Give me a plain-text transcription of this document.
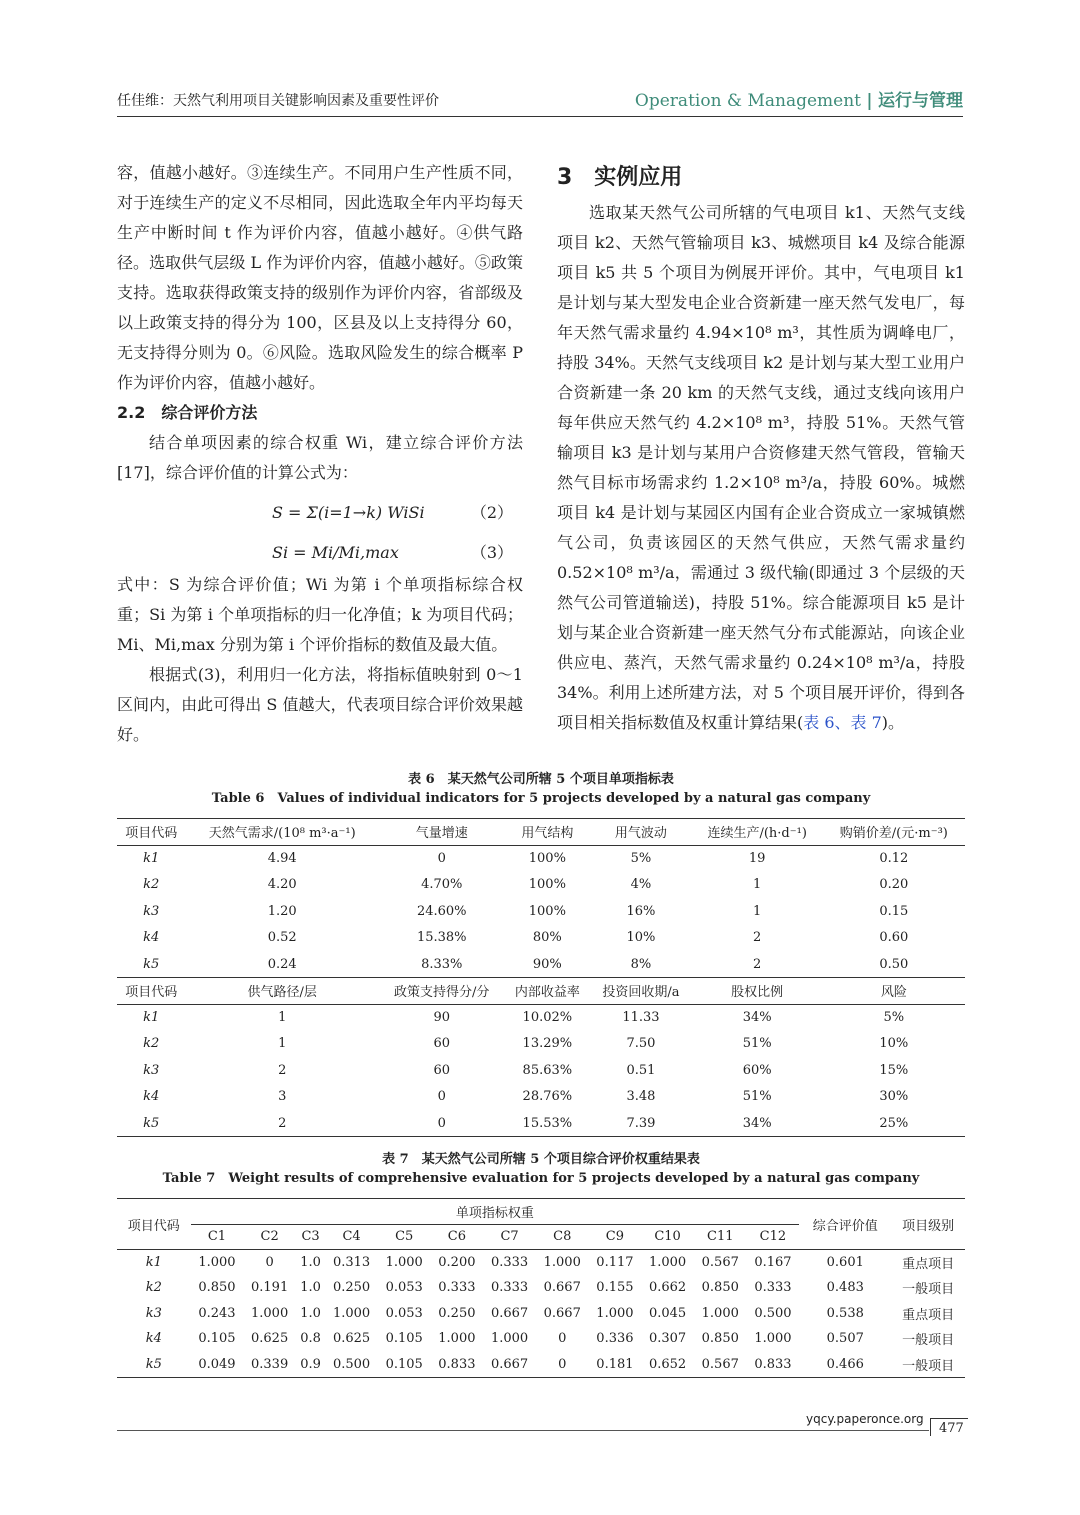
任佳维：天然气利用项目关键影响因素及重要性评价	Operation & Management | 运行与管理

容，值越小越好。③连续生产。不同用户生产性质不同，对于连续生产的定义不尽相同，因此选取全年内平均每天生产中断时间 t 作为评价内容，值越小越好。④供气路径。选取供气层级 L 作为评价内容，值越小越好。⑤政策支持。选取获得政策支持的级别作为评价内容，省部级及以上政策支持的得分为 100，区县及以上支持得分 60，无支持得分则为 0。⑥风险。选取风险发生的综合概率 P 作为评价内容，值越小越好。

2.2　综合评价方法

结合单项因素的综合权重 Wi，建立综合评价方法[17]，综合评价值的计算公式为：

S = Σ(i=1→k) WiSi	（2）
Si = Mi/Mi,max	（3）

式中：S 为综合评价值；Wi 为第 i 个单项指标综合权重；Si 为第 i 个单项指标的归一化净值；k 为项目代码；Mi、Mi,max 分别为第 i 个评价指标的数值及最大值。

根据式(3)，利用归一化方法，将指标值映射到 0～1 区间内，由此可得出 S 值越大，代表项目综合评价效果越好。

3　实例应用

选取某天然气公司所辖的气电项目 k1、天然气支线项目 k2、天然气管输项目 k3、城燃项目 k4 及综合能源项目 k5 共 5 个项目为例展开评价。其中，气电项目 k1 是计划与某大型发电企业合资新建一座天然气发电厂，每年天然气需求量约 4.94×10⁸ m³，其性质为调峰电厂，持股 34%。天然气支线项目 k2 是计划与某大型工业用户合资新建一条 20 km 的天然气支线，通过支线向该用户每年供应天然气约 4.2×10⁸ m³，持股 51%。天然气管输项目 k3 是计划与某用户合资修建天然气管段，管输天然气目标市场需求约 1.2×10⁸ m³/a，持股 60%。城燃项目 k4 是计划与某园区内国有企业合资成立一家城镇燃气公司，负责该园区的天然气供应，天然气需求量约 0.52×10⁸ m³/a，需通过 3 级代输(即通过 3 个层级的天然气公司管道输送)，持股 51%。综合能源项目 k5 是计划与某企业合资新建一座天然气分布式能源站，向该企业供应电、蒸汽，天然气需求量约 0.24×10⁸ m³/a，持股 34%。利用上述所建方法，对 5 个项目展开评价，得到各项目相关指标数值及权重计算结果(表 6、表 7)。

表 6　某天然气公司所辖 5 个项目单项指标表
Table 6　Values of individual indicators for 5 projects developed by a natural gas company
项目代码	天然气需求/(10⁸ m³·a⁻¹)	气量增速	用气结构	用气波动	连续生产/(h·d⁻¹)	购销价差/(元·m⁻³)
k1	4.94	0	100%	5%	19	0.12
k2	4.20	4.70%	100%	4%	1	0.20
k3	1.20	24.60%	100%	16%	1	0.15
k4	0.52	15.38%	80%	10%	2	0.60
k5	0.24	8.33%	90%	8%	2	0.50
项目代码	供气路径/层	政策支持得分/分	内部收益率	投资回收期/a	股权比例	风险
k1	1	90	10.02%	11.33	34%	5%
k2	1	60	13.29%	7.50	51%	10%
k3	2	60	85.63%	0.51	60%	15%
k4	3	0	28.76%	3.48	51%	30%
k5	2	0	15.53%	7.39	34%	25%
表 7　某天然气公司所辖 5 个项目综合评价权重结果表
Table 7　Weight results of comprehensive evaluation for 5 projects developed by a natural gas company
项目代码	单项指标权重												综合评价值	项目级别
	C1	C2	C3	C4	C5	C6	C7	C8	C9	C10	C11	C12		
k1	1.000	0	1.0	0.313	1.000	0.200	0.333	1.000	0.117	1.000	0.567	0.167	0.601	重点项目
k2	0.850	0.191	1.0	0.250	0.053	0.333	0.333	0.667	0.155	0.662	0.850	0.333	0.483	一般项目
k3	0.243	1.000	1.0	1.000	0.053	0.250	0.667	0.667	1.000	0.045	1.000	0.500	0.538	重点项目
k4	0.105	0.625	0.8	0.625	0.105	1.000	1.000	0	0.336	0.307	0.850	1.000	0.507	一般项目
k5	0.049	0.339	0.9	0.500	0.105	0.833	0.667	0	0.181	0.652	0.567	0.833	0.466	一般项目
yqcy.paperonce.org
477
